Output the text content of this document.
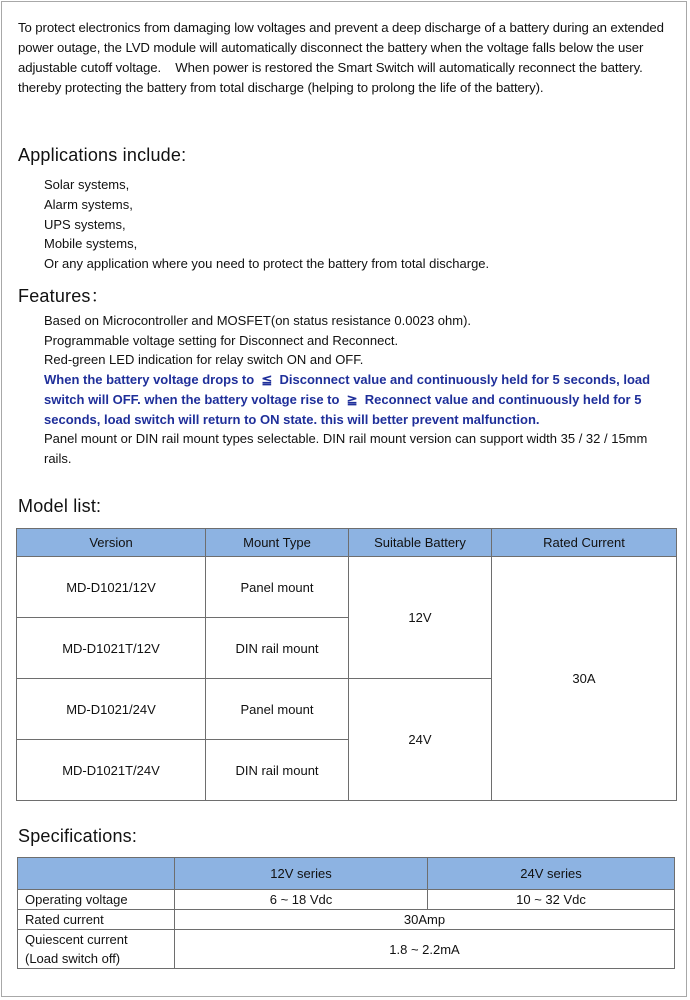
To protect electronics from damaging low voltages and prevent a deep discharge of a battery during an extended power outage, the LVD module will automatically disconnect the battery when the voltage falls below the user adjustable cutoff voltage.    When power is restored the Smart Switch will automatically reconnect the battery. thereby protecting the battery from total discharge (helping to prolong the life of the battery).
Applications include:
Solar systems,
Alarm systems,
UPS systems,
Mobile systems,
Or any application where you need to protect the battery from total discharge.
Features：
Based on Microcontroller and MOSFET(on status resistance 0.0023 ohm).
Programmable voltage setting for Disconnect and Reconnect.
Red-green LED indication for relay switch ON and OFF.
When the battery voltage drops to  ≦  Disconnect value and continuously held for 5 seconds, load switch will OFF. when the battery voltage rise to  ≧  Reconnect value and continuously held for 5 seconds, load switch will return to ON state. this will better prevent malfunction.
Panel mount or DIN rail mount types selectable. DIN rail mount version can support width 35 / 32 / 15mm rails.
Model list:
Version	Mount Type	Suitable Battery	Rated Current
MD-D1021/12V	Panel mount	12V	30A
MD-D1021T/12V	DIN rail mount		
MD-D1021/24V	Panel mount	24V	
MD-D1021T/24V	DIN rail mount		
Specifications:
	12V series	24V series
Operating voltage	6 ~ 18 Vdc	10 ~ 32 Vdc
Rated current	30Amp	

Quiescent current
(Load switch off)	1.8 ~ 2.2mA	
